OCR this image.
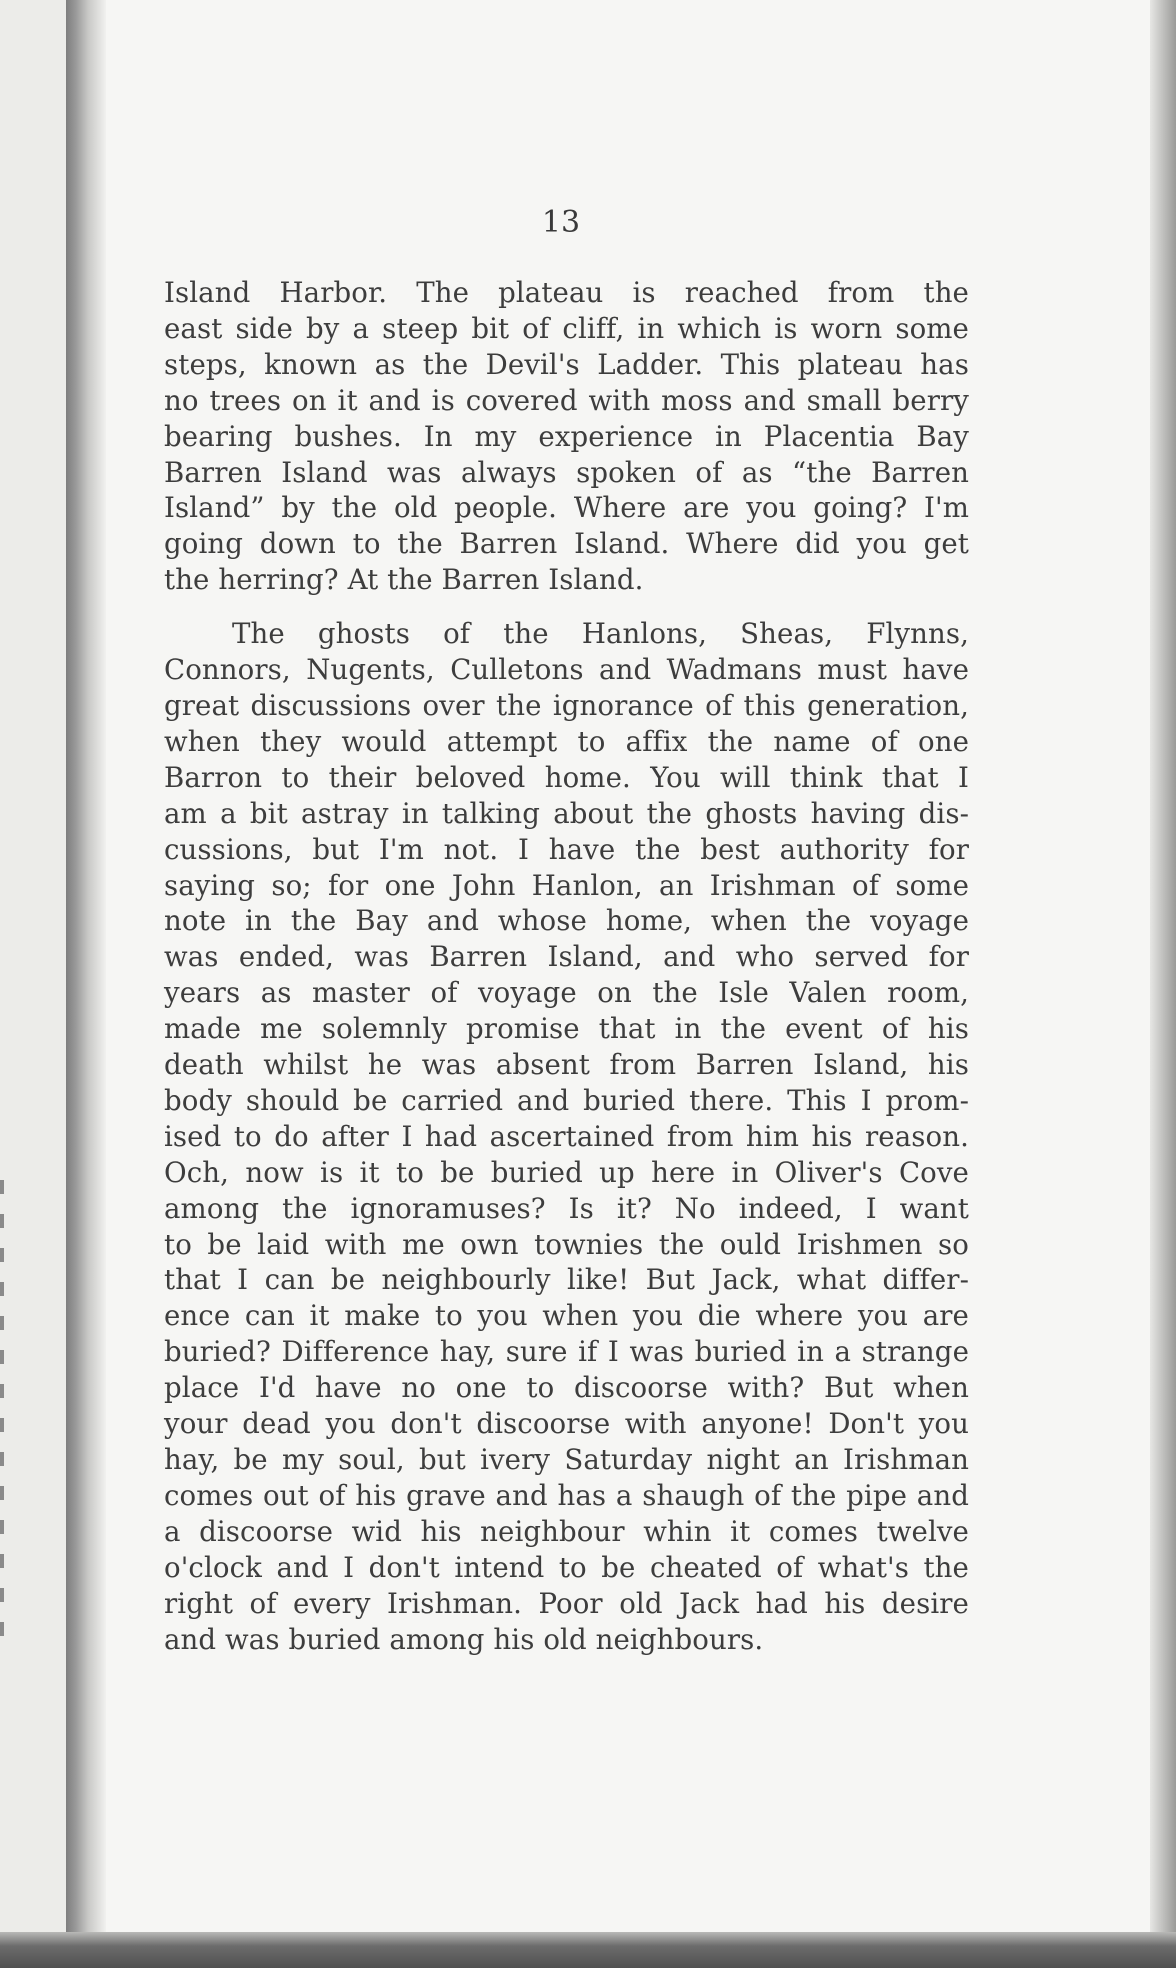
13
Island Harbor. The plateau is reached from the
east side by a steep bit of cliff, in which is worn some
steps, known as the Devil's Ladder. This plateau has
no trees on it and is covered with moss and small berry
bearing bushes. In my experience in Placentia Bay
Barren Island was always spoken of as “the Barren
Island” by the old people. Where are you going? I'm
going down to the Barren Island. Where did you get
the herring? At the Barren Island.
The ghosts of the Hanlons, Sheas, Flynns,
Connors, Nugents, Culletons and Wadmans must have
great discussions over the ignorance of this generation,
when they would attempt to affix the name of one
Barron to their beloved home. You will think that I
am a bit astray in talking about the ghosts having dis-
cussions, but I'm not. I have the best authority for
saying so; for one John Hanlon, an Irishman of some
note in the Bay and whose home, when the voyage
was ended, was Barren Island, and who served for
years as master of voyage on the Isle Valen room,
made me solemnly promise that in the event of his
death whilst he was absent from Barren Island, his
body should be carried and buried there. This I prom-
ised to do after I had ascertained from him his reason.
Och, now is it to be buried up here in Oliver's Cove
among the ignoramuses? Is it? No indeed, I want
to be laid with me own townies the ould Irishmen so
that I can be neighbourly like! But Jack, what differ-
ence can it make to you when you die where you are
buried? Difference hay, sure if I was buried in a strange
place I'd have no one to discoorse with? But when
your dead you don't discoorse with anyone! Don't you
hay, be my soul, but ivery Saturday night an Irishman
comes out of his grave and has a shaugh of the pipe and
a discoorse wid his neighbour whin it comes twelve
o'clock and I don't intend to be cheated of what's the
right of every Irishman. Poor old Jack had his desire
and was buried among his old neighbours.
